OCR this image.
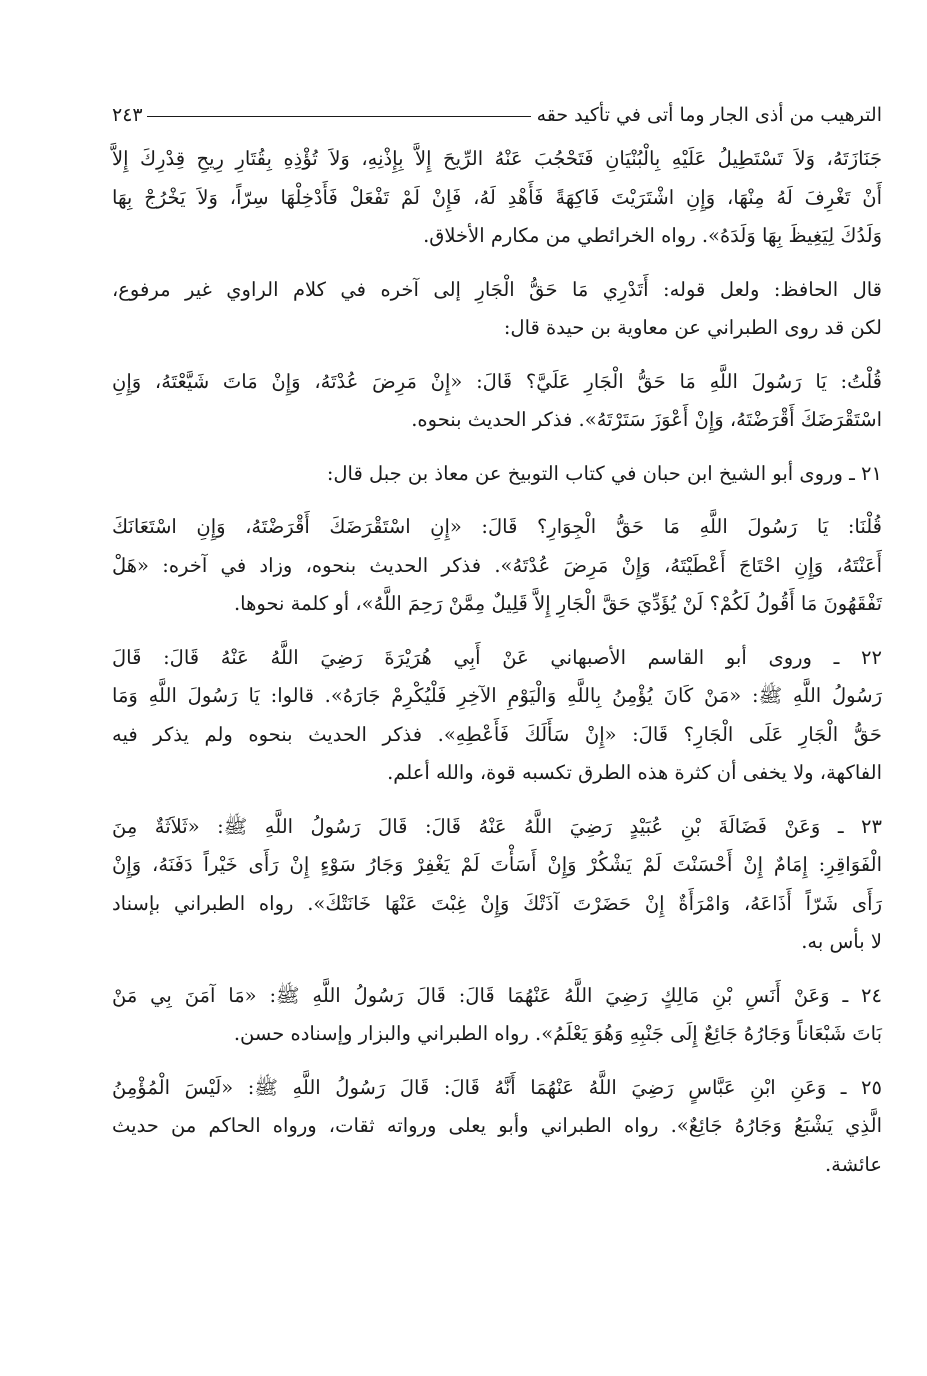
الترهيب من أذى الجار وما أتى في تأكيد حقه
٢٤٣

جَنَازَتَهُ، وَلاَ تَسْتَطِيلُ عَلَيْهِ بِالْبُنْيَانِ فَتَحْجُبَ عَنْهُ الرِّيحَ إِلاَّ بِإِذْنِهِ، وَلاَ تُؤْذِهِ بِقُتَارِ رِيحِ قِدْرِكَ إِلاَّ
أَنْ تَغْرِفَ لَهُ مِنْهَا، وَإِنِ اشْتَرَيْتَ فَاكِهَةً فَأَهْدِ لَهُ، فَإِنْ لَمْ تَفْعَلْ فَأَدْخِلْهَا سِرّاً، وَلاَ يَخْرُجْ بِهَا
وَلَدُكَ لِيَغِيظَ بِهَا وَلَدَهُ». رواه الخرائطي من مكارم الأخلاق.

قال الحافظ: ولعل قوله: أَتَدْرِي مَا حَقُّ الْجَارِ إلى آخره في كلام الراوي غير مرفوع،
لكن قد روى الطبراني عن معاوية بن حيدة قال:

قُلْتُ: يَا رَسُولَ اللَّهِ مَا حَقُّ الْجَارِ عَلَيَّ؟ قَالَ: «إِنْ مَرِضَ عُدْتَهُ، وَإِنْ مَاتَ شَيَّعْتَهُ، وَإِنِ
اسْتَقْرَضَكَ أَقْرَضْتَهُ، وَإِنْ أَعْوَزَ سَتَرْتَهُ». فذكر الحديث بنحوه.

٢١ ـ وروى أبو الشيخ ابن حبان في كتاب التوبيخ عن معاذ بن جبل قال:

قُلْنَا: يَا رَسُولَ اللَّهِ مَا حَقُّ الْجِوَارِ؟ قَالَ: «إِنِ اسْتَقْرَضَكَ أَقْرَضْتَهُ، وَإِنِ اسْتَعَانَكَ
أَعَنْتَهُ، وَإِنِ احْتَاجَ أَعْطَيْتَهُ، وَإِنْ مَرِضَ عُدْتَهُ». فذكر الحديث بنحوه، وزاد في آخره: «هَلْ
تَفْقَهُونَ مَا أَقُولُ لَكُمْ؟ لَنْ يُؤَدِّيَ حَقَّ الْجَارِ إِلاَّ قَلِيلٌ مِمَّنْ رَحِمَ اللَّهُ»، أو كلمة نحوها.

٢٢ ـ وروى أبو القاسم الأصبهاني عَنْ أَبِي هُرَيْرَةَ رَضِيَ اللَّهُ عَنْهُ قَالَ: قَالَ
رَسُولُ اللَّهِ ﷺ: «مَنْ كَانَ يُؤْمِنُ بِاللَّهِ وَالْيَوْمِ الآخِرِ فَلْيُكْرِمْ جَارَهُ». قالوا: يَا رَسُولَ اللَّهِ وَمَا
حَقُّ الْجَارِ عَلَى الْجَارِ؟ قَالَ: «إِنْ سَأَلَكَ فَأَعْطِهِ». فذكر الحديث بنحوه ولم يذكر فيه
الفاكهة، ولا يخفى أن كثرة هذه الطرق تكسبه قوة، والله أعلم.

٢٣ ـ وَعَنْ فَضَالَةَ بْنِ عُبَيْدٍ رَضِيَ اللَّهُ عَنْهُ قَالَ: قَالَ رَسُولُ اللَّهِ ﷺ: «ثَلاَثَةٌ مِنَ
الْفَوَاقِرِ: إِمَامٌ إِنْ أَحْسَنْتَ لَمْ يَشْكُرْ وَإِنْ أَسَأْتَ لَمْ يَغْفِرْ وَجَارُ سَوْءٍ إِنْ رَأَى خَيْراً دَفَنَهُ، وَإِنْ
رَأَى شَرّاً أَذَاعَهُ، وَامْرَأَةٌ إِنْ حَضَرْتَ آذَتْكَ وَإِنْ غِبْتَ عَنْهَا خَانَتْكَ». رواه الطبراني بإسناد
لا بأس به.

٢٤ ـ وَعَنْ أَنَسِ بْنِ مَالِكٍ رَضِيَ اللَّهُ عَنْهُمَا قَالَ: قَالَ رَسُولُ اللَّهِ ﷺ: «مَا آمَنَ بِي مَنْ
بَاتَ شَبْعَاناً وَجَارُهُ جَائِعٌ إِلَى جَنْبِهِ وَهُوَ يَعْلَمُ». رواه الطبراني والبزار وإسناده حسن.

٢٥ ـ وَعَنِ ابْنِ عَبَّاسٍ رَضِيَ اللَّهُ عَنْهُمَا أَنَّهُ قَالَ: قَالَ رَسُولُ اللَّهِ ﷺ: «لَيْسَ الْمُؤْمِنُ
الَّذِي يَشْبَعُ وَجَارُهُ جَائِعٌ». رواه الطبراني وأبو يعلى ورواته ثقات، ورواه الحاكم من حديث
عائشة.
